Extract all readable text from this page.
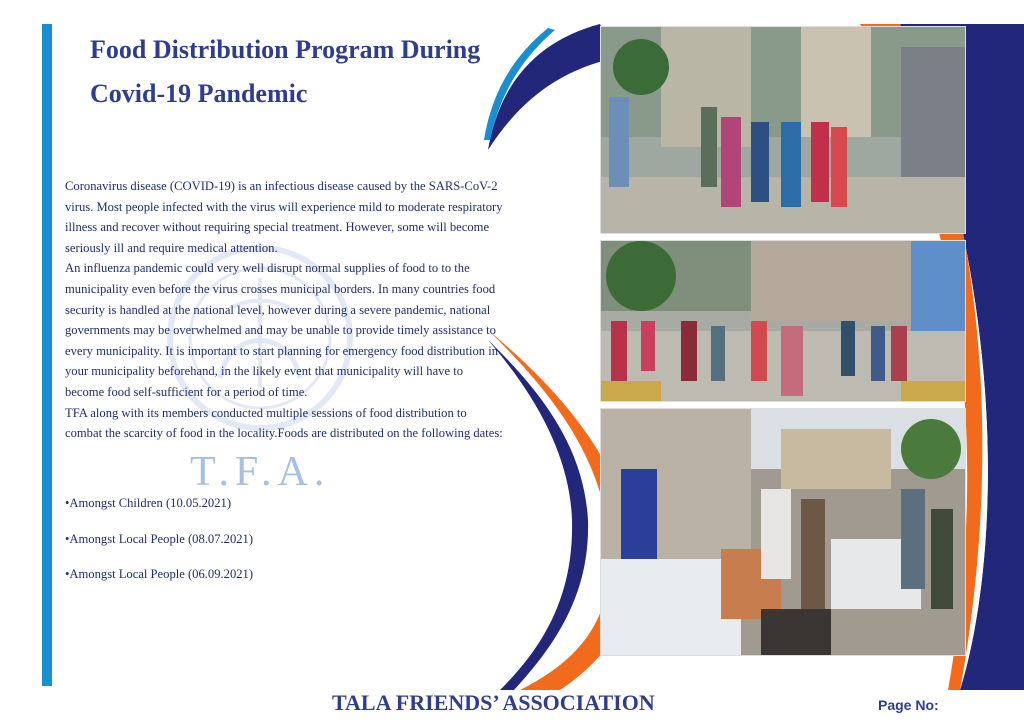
Food Distribution Program During
Covid-19 Pandemic
T.F.A.

Coronavirus disease (COVID-19) is an infectious disease caused by the SARS-CoV-2 virus. Most people infected with the virus will experience mild to moderate respiratory illness and recover without requiring special treatment. However, some will become seriously ill and require medical attention.

An influenza pandemic could very well disrupt normal supplies of food to to the municipality even before the virus crosses municipal borders. In many countries food security is handled at the national level, however during a severe pandemic, national governments may be overwhelmed and may be unable to provide timely assistance to every municipality. It is important to start planning for emergency food distribution in your municipality beforehand, in the likely event that municipality will have to become food self-sufficient for a period of time.

TFA along with its members conducted multiple sessions of food distribution to combat the scarcity of food in the locality.Foods are distributed on the following dates:

•Amongst Children (10.05.2021)
•Amongst Local People (08.07.2021)
•Amongst Local People (06.09.2021)
TALA FRIENDS’ ASSOCIATION	Page No:
